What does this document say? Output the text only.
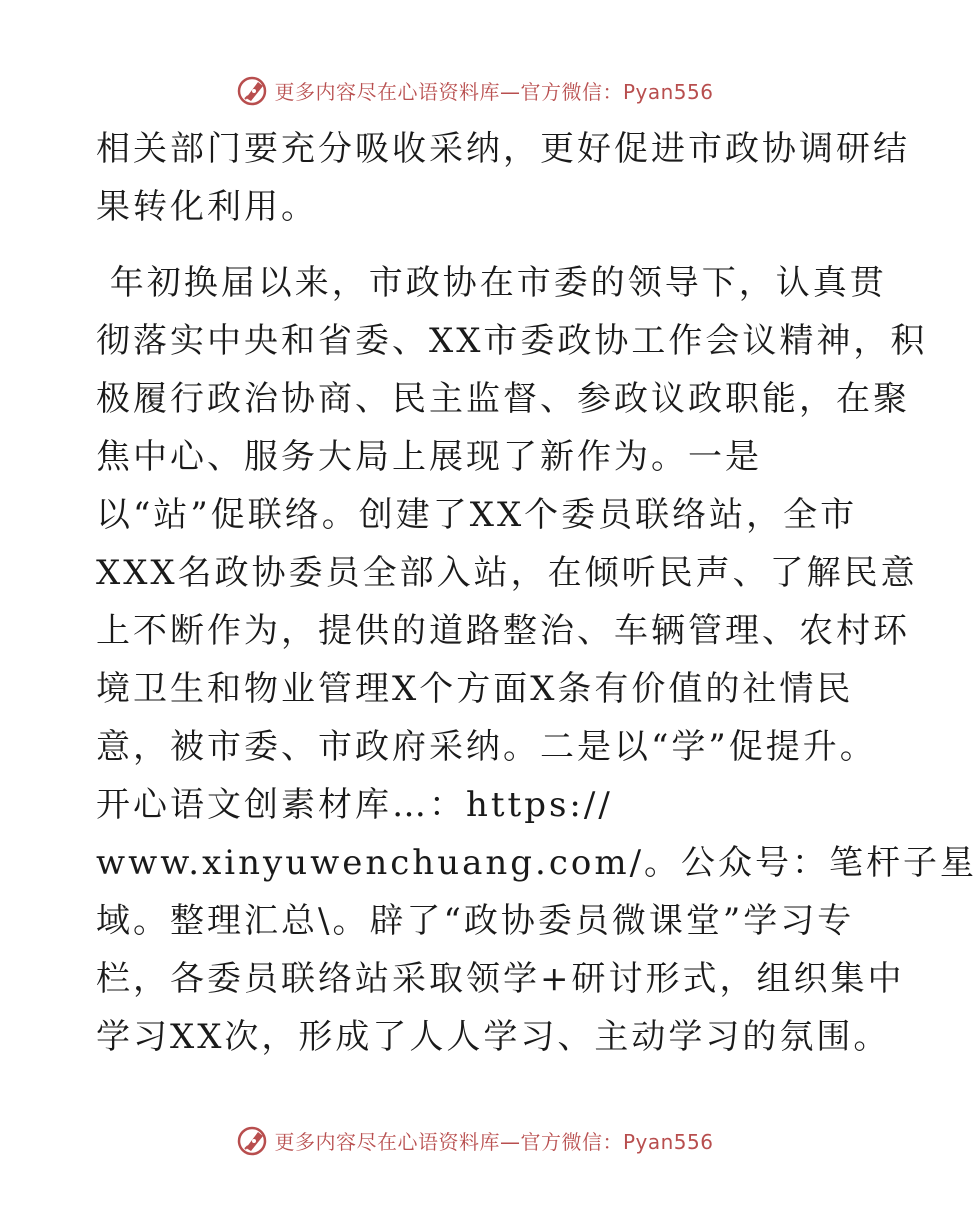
更多内容尽在心语资料库—官方微信：Pyan556
相关部门要充分吸收采纳，更好促进市政协调研结
果转化利用。
年初换届以来，市政协在市委的领导下，认真贯
彻落实中央和省委、XX市委政协工作会议精神，积
极履行政治协商、民主监督、参政议政职能，在聚
焦中心、服务大局上展现了新作为。一是
以“站”促联络。创建了XX个委员联络站，全市
XXX名政协委员全部入站，在倾听民声、了解民意
上不断作为，提供的道路整治、车辆管理、农村环
境卫生和物业管理X个方面X条有价值的社情民
意，被市委、市政府采纳。二是以“学”促提升。
开心语文创素材库…：https://
www.xinyuwenchuang.com/。公众号：笔杆子星
域。整理汇总\。辟了“政协委员微课堂”学习专
栏，各委员联络站采取领学+研讨形式，组织集中
学习XX次，形成了人人学习、主动学习的氛围。
更多内容尽在心语资料库—官方微信：Pyan556
